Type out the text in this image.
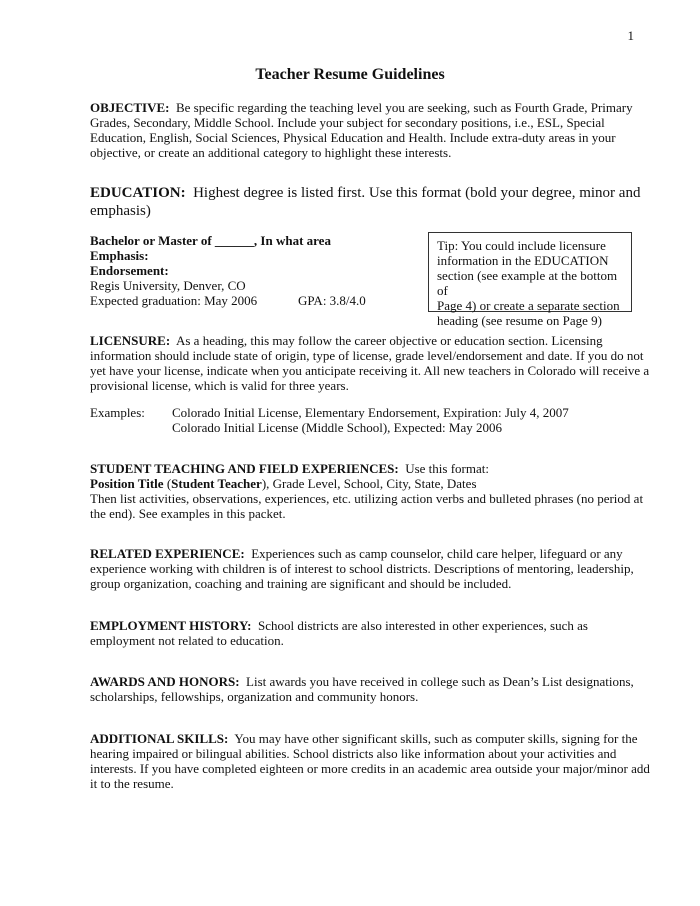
1
Teacher Resume Guidelines
OBJECTIVE: Be specific regarding the teaching level you are seeking, such as Fourth Grade, Primary
Grades, Secondary, Middle School. Include your subject for secondary positions, i.e., ESL, Special
Education, English, Social Sciences, Physical Education and Health. Include extra-duty areas in your
objective, or create an additional category to highlight these interests.
EDUCATION: Highest degree is listed first. Use this format (bold your degree, minor and
emphasis)
Bachelor or Master of ______, In what area
Emphasis:
Endorsement:
Regis University, Denver, CO
Expected graduation: May 2006	GPA: 3.8/4.0
Tip: You could include licensure
information in the EDUCATION
section (see example at the bottom of
Page 4) or create a separate section
heading (see resume on Page 9)
LICENSURE: As a heading, this may follow the career objective or education section. Licensing
information should include state of origin, type of license, grade level/endorsement and date. If you do not
yet have your license, indicate when you anticipate receiving it. All new teachers in Colorado will receive a
provisional license, which is valid for three years.
Examples: Colorado Initial License, Elementary Endorsement, Expiration: July 4, 2007
Colorado Initial License (Middle School), Expected: May 2006
STUDENT TEACHING AND FIELD EXPERIENCES: Use this format:
Position Title (Student Teacher), Grade Level, School, City, State, Dates
Then list activities, observations, experiences, etc. utilizing action verbs and bulleted phrases (no period at
the end). See examples in this packet.
RELATED EXPERIENCE: Experiences such as camp counselor, child care helper, lifeguard or any
experience working with children is of interest to school districts. Descriptions of mentoring, leadership,
group organization, coaching and training are significant and should be included.
EMPLOYMENT HISTORY: School districts are also interested in other experiences, such as
employment not related to education.
AWARDS AND HONORS: List awards you have received in college such as Dean’s List designations,
scholarships, fellowships, organization and community honors.
ADDITIONAL SKILLS: You may have other significant skills, such as computer skills, signing for the
hearing impaired or bilingual abilities. School districts also like information about your activities and
interests. If you have completed eighteen or more credits in an academic area outside your major/minor add
it to the resume.
